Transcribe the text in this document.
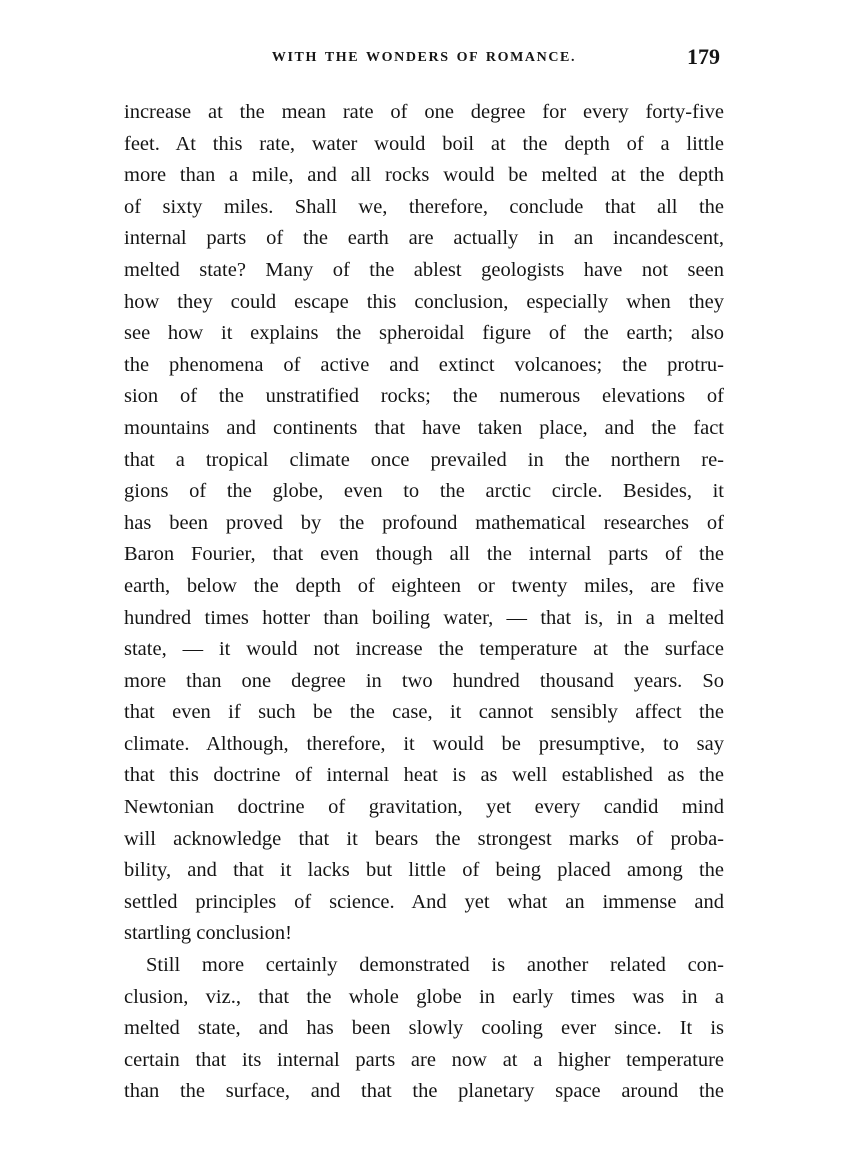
WITH THE WONDERS OF ROMANCE.	179
increase at the mean rate of one degree for every forty-five
feet. At this rate, water would boil at the depth of a little
more than a mile, and all rocks would be melted at the depth
of sixty miles. Shall we, therefore, conclude that all the
internal parts of the earth are actually in an incandescent,
melted state? Many of the ablest geologists have not seen
how they could escape this conclusion, especially when they
see how it explains the spheroidal figure of the earth; also
the phenomena of active and extinct volcanoes; the protru-
sion of the unstratified rocks; the numerous elevations of
mountains and continents that have taken place, and the fact
that a tropical climate once prevailed in the northern re-
gions of the globe, even to the arctic circle. Besides, it
has been proved by the profound mathematical researches of
Baron Fourier, that even though all the internal parts of the
earth, below the depth of eighteen or twenty miles, are five
hundred times hotter than boiling water, — that is, in a melted
state, — it would not increase the temperature at the surface
more than one degree in two hundred thousand years. So
that even if such be the case, it cannot sensibly affect the
climate. Although, therefore, it would be presumptive, to say
that this doctrine of internal heat is as well established as the
Newtonian doctrine of gravitation, yet every candid mind
will acknowledge that it bears the strongest marks of proba-
bility, and that it lacks but little of being placed among the
settled principles of science. And yet what an immense and
startling conclusion!
Still more certainly demonstrated is another related con-
clusion, viz., that the whole globe in early times was in a
melted state, and has been slowly cooling ever since. It is
certain that its internal parts are now at a higher temperature
than the surface, and that the planetary space around the
